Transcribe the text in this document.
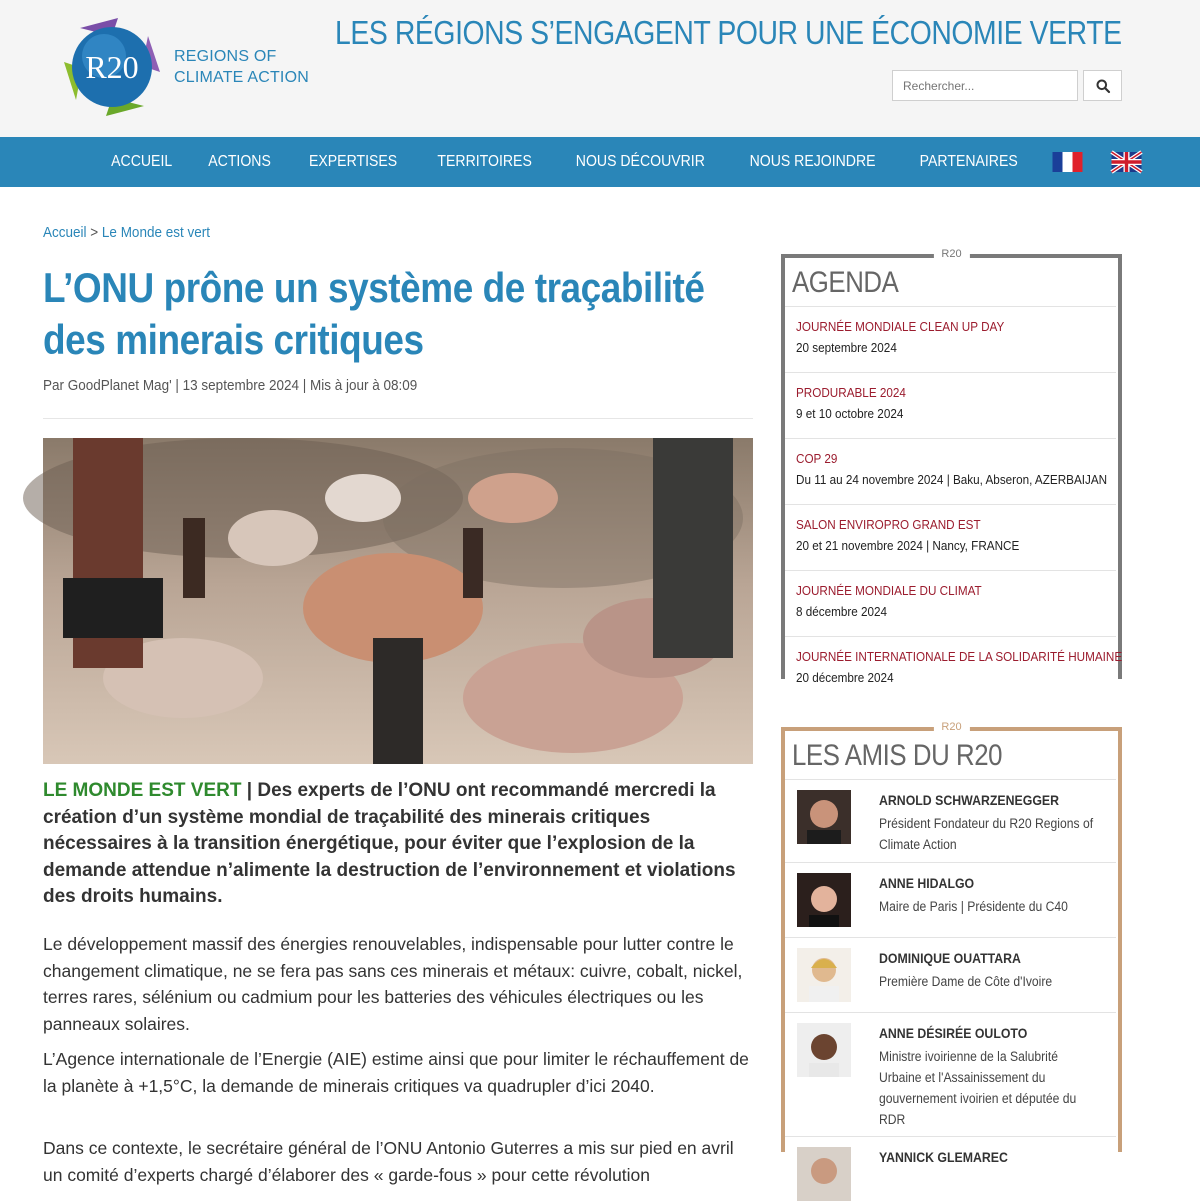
R20 REGIONS OF
CLIMATE ACTION
LES RÉGIONS S’ENGAGENT POUR UNE ÉCONOMIE VERTE
Rechercher...
ACCUEIL ACTIONS EXPERTISES	TERRITOIRES	NOUS DÉCOUVRIR	NOUS REJOINDRE	PARTENAIRES
Accueil > Le Monde est vert
L’ONU prône un système de traçabilité des minerais critiques
Par GoodPlanet Mag' | 13 septembre 2024 | Mis à jour à 08:09

LE MONDE EST VERT | Des experts de l’ONU ont recommandé mercredi la création d’un système mondial de traçabilité des minerais critiques nécessaires à la transition énergétique, pour éviter que l’explosion de la demande attendue n’alimente la destruction de l’environnement et violations des droits humains.

Le développement massif des énergies renouvelables, indispensable pour lutter contre le changement climatique, ne se fera pas sans ces minerais et métaux: cuivre, cobalt, nickel, terres rares, sélénium ou cadmium pour les batteries des véhicules électriques ou les panneaux solaires.

L’Agence internationale de l’Energie (AIE) estime ainsi que pour limiter le réchauffement de la planète à +1,5°C, la demande de minerais critiques va quadrupler d’ici 2040.

Dans ce contexte, le secrétaire général de l’ONU Antonio Guterres a mis sur pied en avril un comité d’experts chargé d’élaborer des « garde-fous » pour cette révolution

R20
AGENDA
JOURNÉE MONDIALE CLEAN UP DAY
20 septembre 2024
PRODURABLE 2024
9 et 10 octobre 2024
COP 29
Du 11 au 24 novembre 2024 | Baku, Abseron, AZERBAIJAN
SALON ENVIROPRO GRAND EST
20 et 21 novembre 2024 | Nancy, FRANCE
JOURNÉE MONDIALE DU CLIMAT
8 décembre 2024
JOURNÉE INTERNATIONALE DE LA SOLIDARITÉ HUMAINE
20 décembre 2024
R20
LES AMIS DU R20
ARNOLD SCHWARZENEGGER
Président Fondateur du R20 Regions of Climate Action
ANNE HIDALGO
Maire de Paris | Présidente du C40
DOMINIQUE OUATTARA
Première Dame de Côte d'Ivoire
ANNE DÉSIRÉE OULOTO
Ministre ivoirienne de la Salubrité Urbaine et l'Assainissement du gouvernement ivoirien et députée du RDR
YANNICK GLEMAREC
